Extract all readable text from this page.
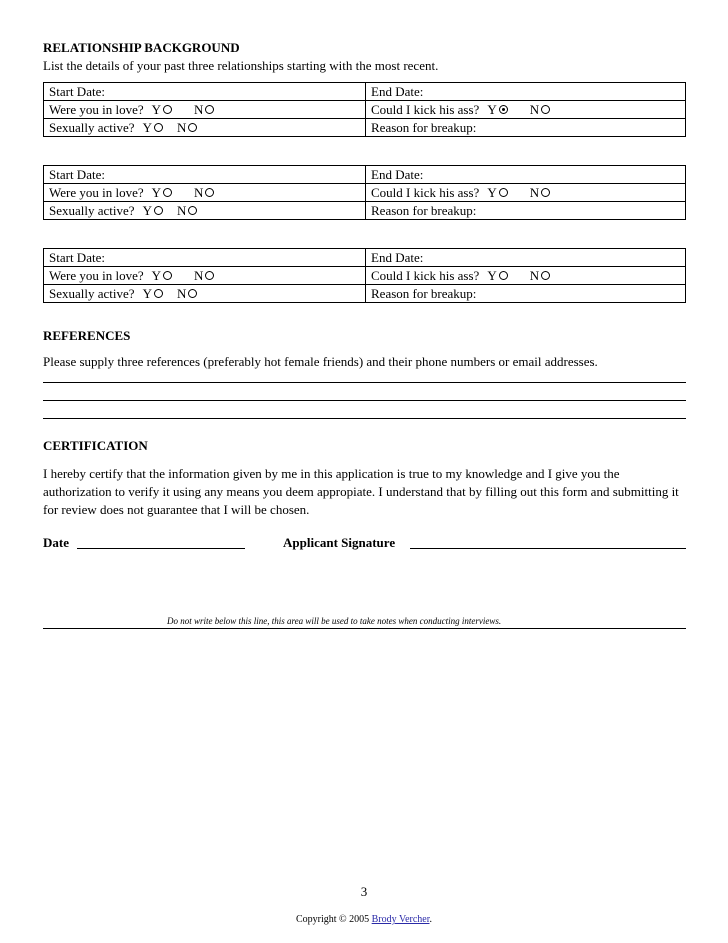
RELATIONSHIP BACKGROUND
List the details of your past three relationships starting with the most recent.
Start Date:	End Date:
Were you in love? Y N	Could I kick his ass? Y N
Sexually active? Y N	Reason for breakup:
Start Date:	End Date:
Were you in love? Y N	Could I kick his ass? Y N
Sexually active? Y N	Reason for breakup:
Start Date:	End Date:
Were you in love? Y N	Could I kick his ass? Y N
Sexually active? Y N	Reason for breakup:
REFERENCES
Please supply three references (preferably hot female friends) and their phone numbers or email addresses.
CERTIFICATION
I hereby certify that the information given by me in this application is true to my knowledge and I give you the authorization to verify it using any means you deem appropiate. I understand that by filling out this form and submitting it for review does not guarantee that I will be chosen.
Date	Applicant Signature
Do not write below this line, this area will be used to take notes when conducting interviews.
3
Copyright © 2005 Brody Vercher.
